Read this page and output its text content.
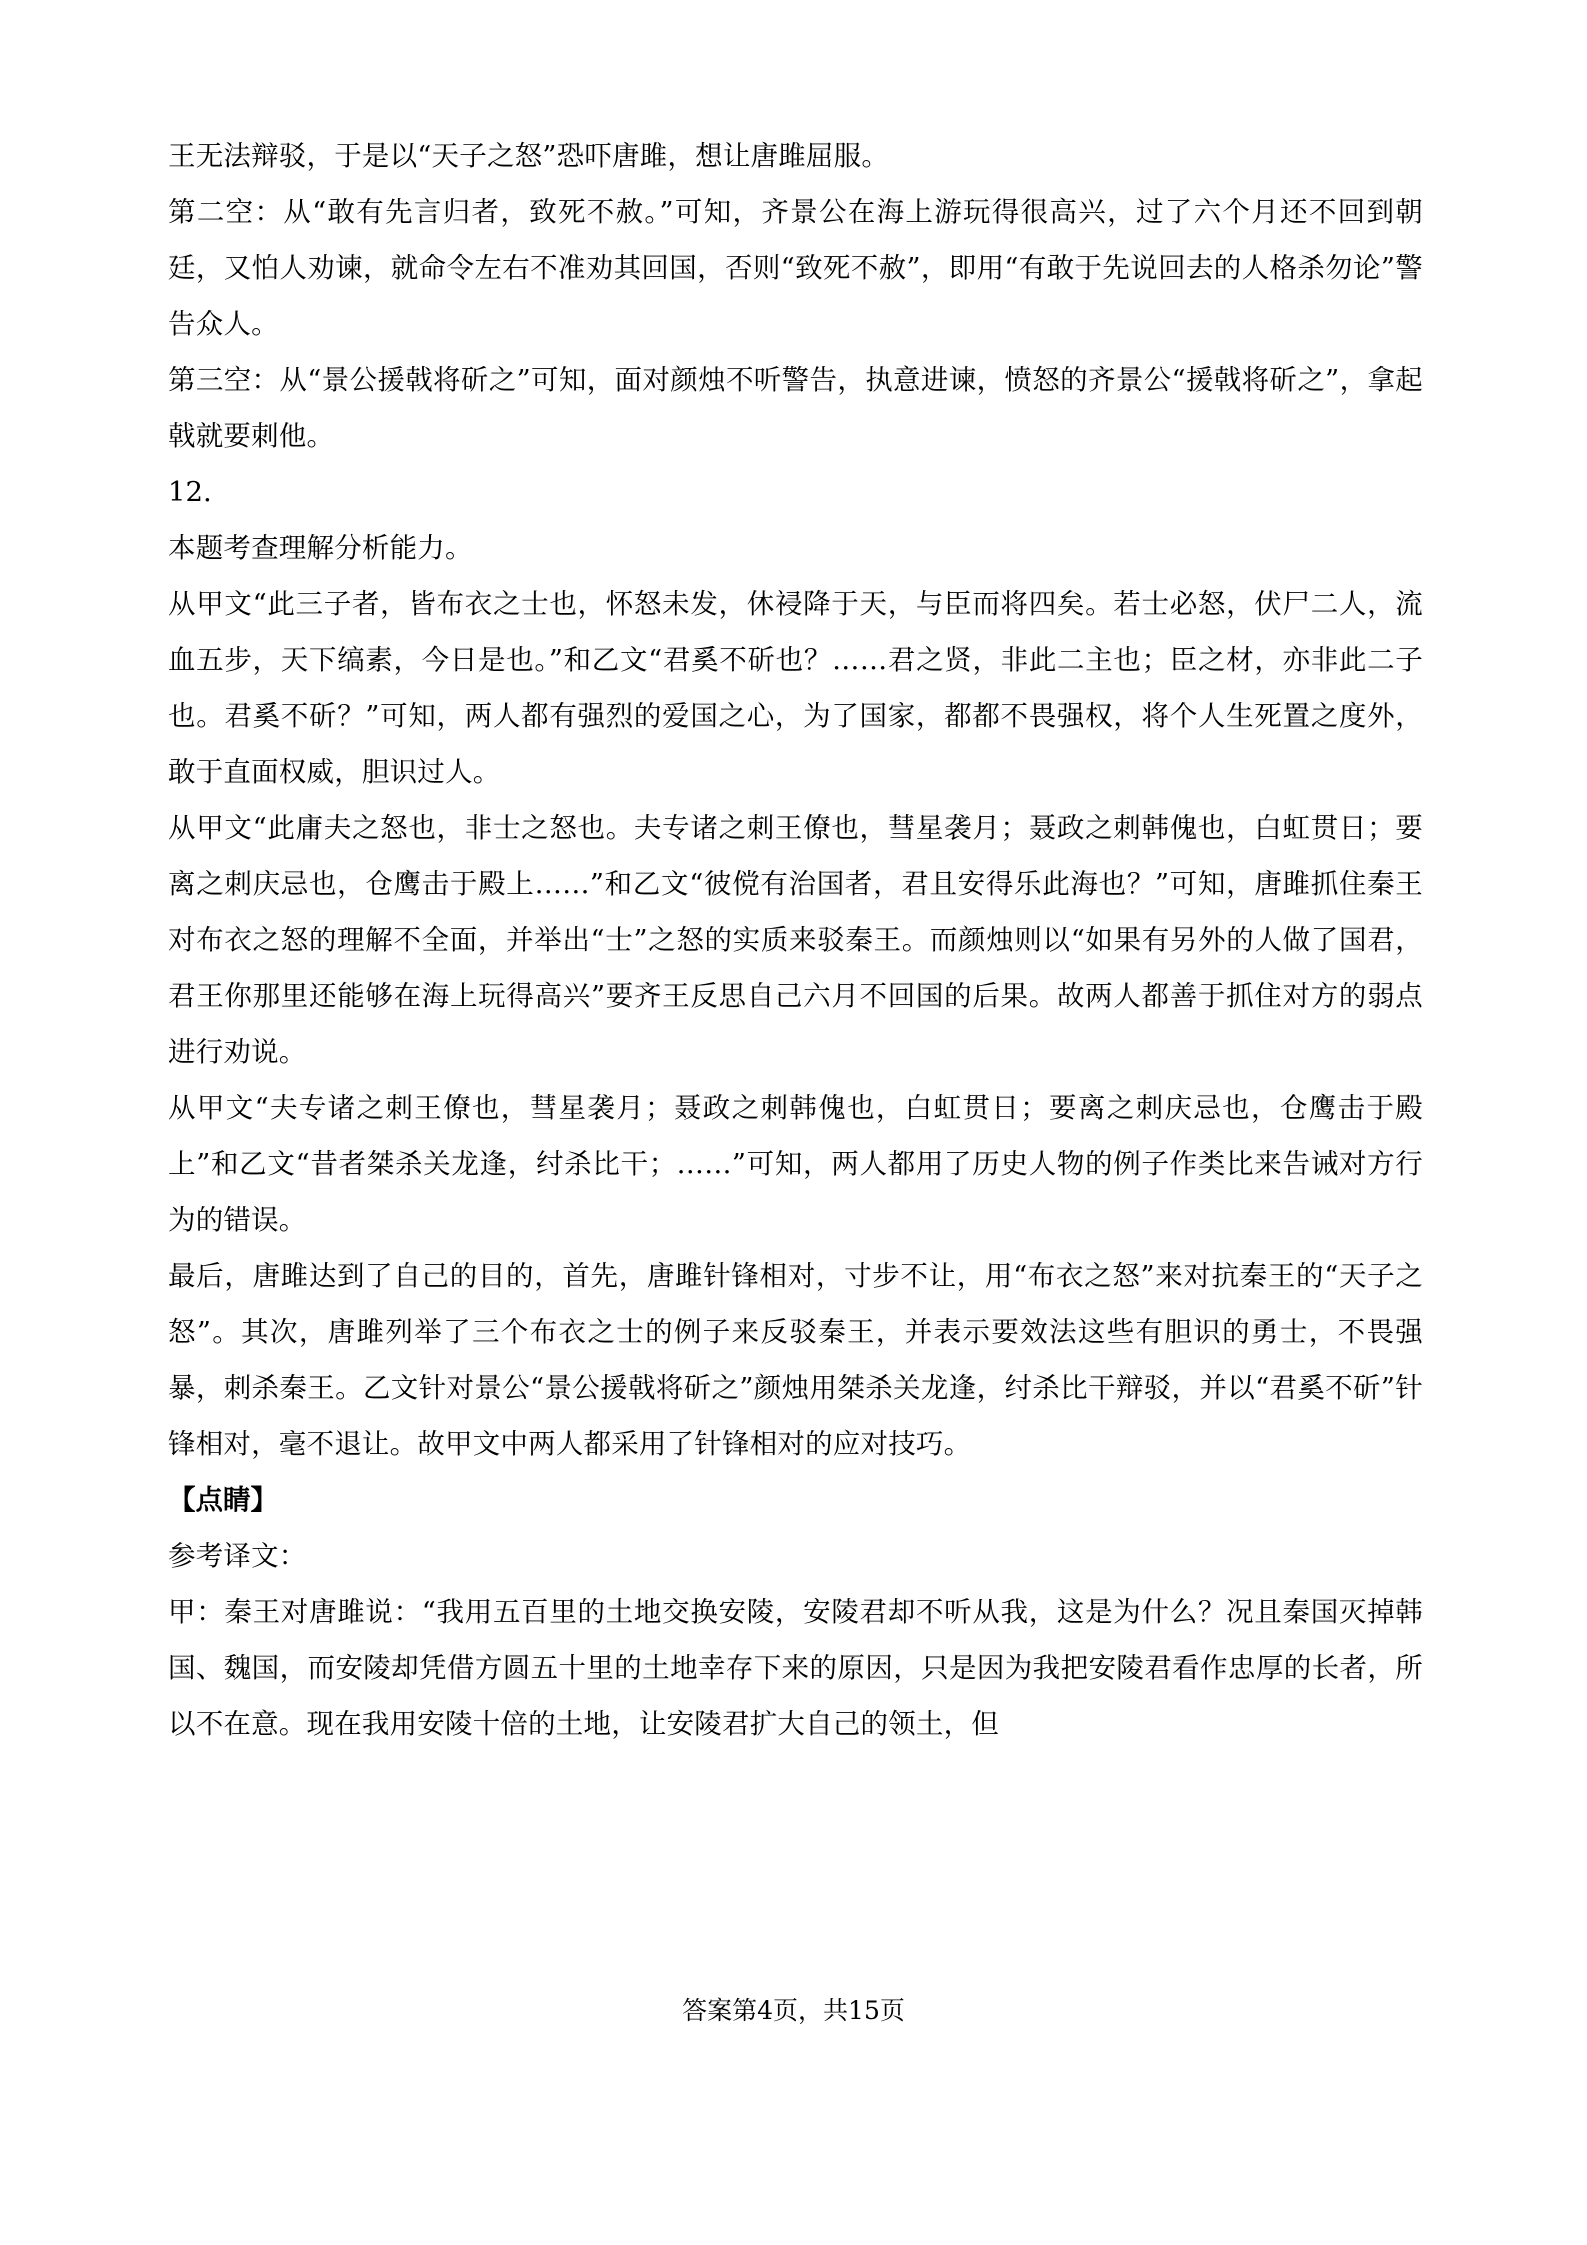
王无法辩驳，于是以“天子之怒”恐吓唐雎，想让唐雎屈服。

第二空：从“敢有先言归者，致死不赦。”可知，齐景公在海上游玩得很高兴，过了六个月还不回到朝廷，又怕人劝谏，就命令左右不准劝其回国，否则“致死不赦”，即用“有敢于先说回去的人格杀勿论”警告众人。

第三空：从“景公援戟将斫之”可知，面对颜烛不听警告，执意进谏，愤怒的齐景公“援戟将斫之”，拿起戟就要刺他。

12.

本题考查理解分析能力。

从甲文“此三子者，皆布衣之士也，怀怒未发，休祲降于天，与臣而将四矣。若士必怒，伏尸二人，流血五步，天下缟素，今日是也。”和乙文“君奚不斫也？……君之贤，非此二主也；臣之材，亦非此二子也。君奚不斫？”可知，两人都有强烈的爱国之心，为了国家，都都不畏强权，将个人生死置之度外，敢于直面权威，胆识过人。

从甲文“此庸夫之怒也，非士之怒也。夫专诸之刺王僚也，彗星袭月；聂政之刺韩傀也，白虹贯日；要离之刺庆忌也，仓鹰击于殿上……”和乙文“彼傥有治国者，君且安得乐此海也？”可知，唐雎抓住秦王对布衣之怒的理解不全面，并举出“士”之怒的实质来驳秦王。而颜烛则以“如果有另外的人做了国君，君王你那里还能够在海上玩得高兴”要齐王反思自己六月不回国的后果。故两人都善于抓住对方的弱点进行劝说。

从甲文“夫专诸之刺王僚也，彗星袭月；聂政之刺韩傀也，白虹贯日；要离之刺庆忌也，仓鹰击于殿上”和乙文“昔者桀杀关龙逢，纣杀比干；……”可知，两人都用了历史人物的例子作类比来告诫对方行为的错误。

最后，唐雎达到了自己的目的，首先，唐雎针锋相对，寸步不让，用“布衣之怒”来对抗秦王的“天子之怒”。其次，唐雎列举了三个布衣之士的例子来反驳秦王，并表示要效法这些有胆识的勇士，不畏强暴，刺杀秦王。乙文针对景公“景公援戟将斫之”颜烛用桀杀关龙逢，纣杀比干辩驳，并以“君奚不斫”针锋相对，毫不退让。故甲文中两人都采用了针锋相对的应对技巧。

【点睛】

参考译文：

甲：秦王对唐雎说：“我用五百里的土地交换安陵，安陵君却不听从我，这是为什么？况且秦国灭掉韩国、魏国，而安陵却凭借方圆五十里的土地幸存下来的原因，只是因为我把安陵君看作忠厚的长者，所以不在意。现在我用安陵十倍的土地，让安陵君扩大自己的领土，但

答案第4页，共15页
